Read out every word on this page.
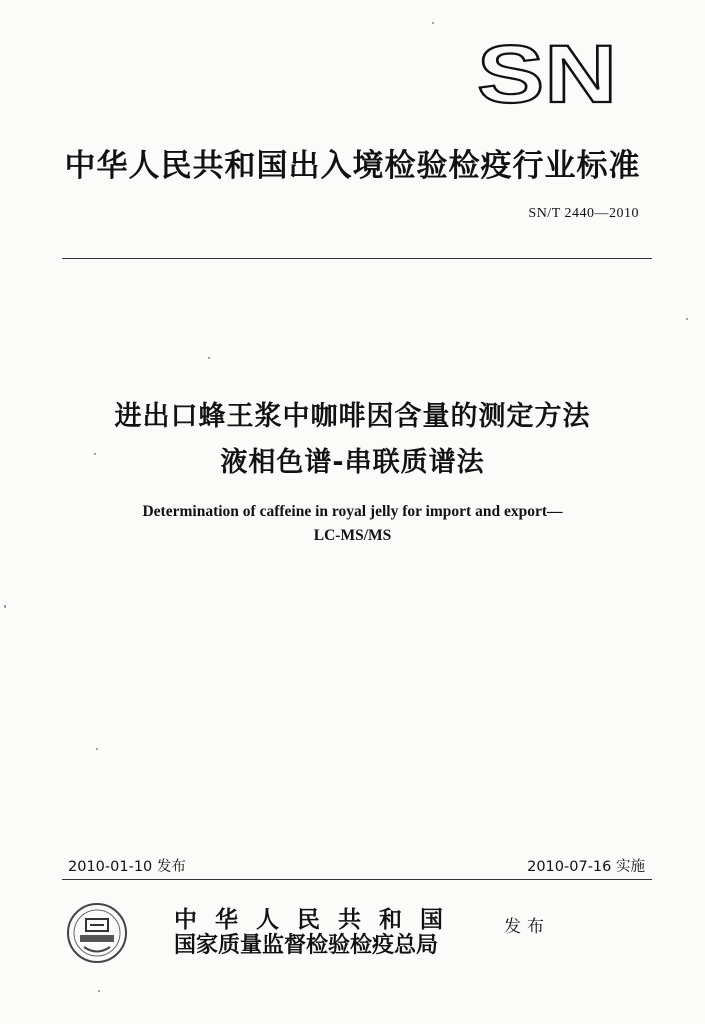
SN
中华人民共和国出入境检验检疫行业标准
SN/T 2440—2010
进出口蜂王浆中咖啡因含量的测定方法
液相色谱-串联质谱法
Determination of caffeine in royal jelly for import and export—
LC-MS/MS
2010-01-10 发布	2010-07-16 实施
中华人民共和国
国家质量监督检验检疫总局
发布
